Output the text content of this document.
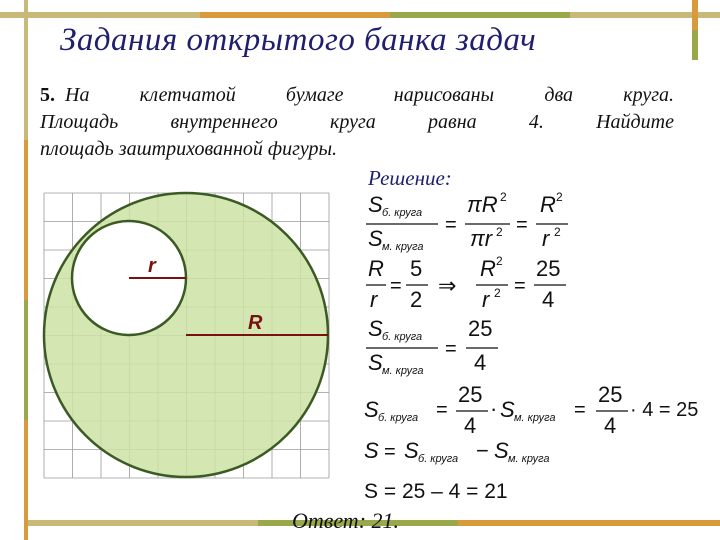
Задания открытого банка задач
5. На клетчатой бумаге нарисованы два круга.
Площадь внутреннего круга равна 4. Найдите
площадь заштрихованной фигуры.
r
R
S б. круга
S м. круга
=
πR 2
πr 2 =
R 2
r 2
R
r
=
5
2
⇒
R 2
r 2 =
25
4
S б. круга
S м. круга
=
25
4
S б. круга =
25
4
· S м. круга =
25
4
· 4 = 25
S = S б. круга − S м. круга
S = 25 – 4 = 21
Решение:
Ответ: 21.
